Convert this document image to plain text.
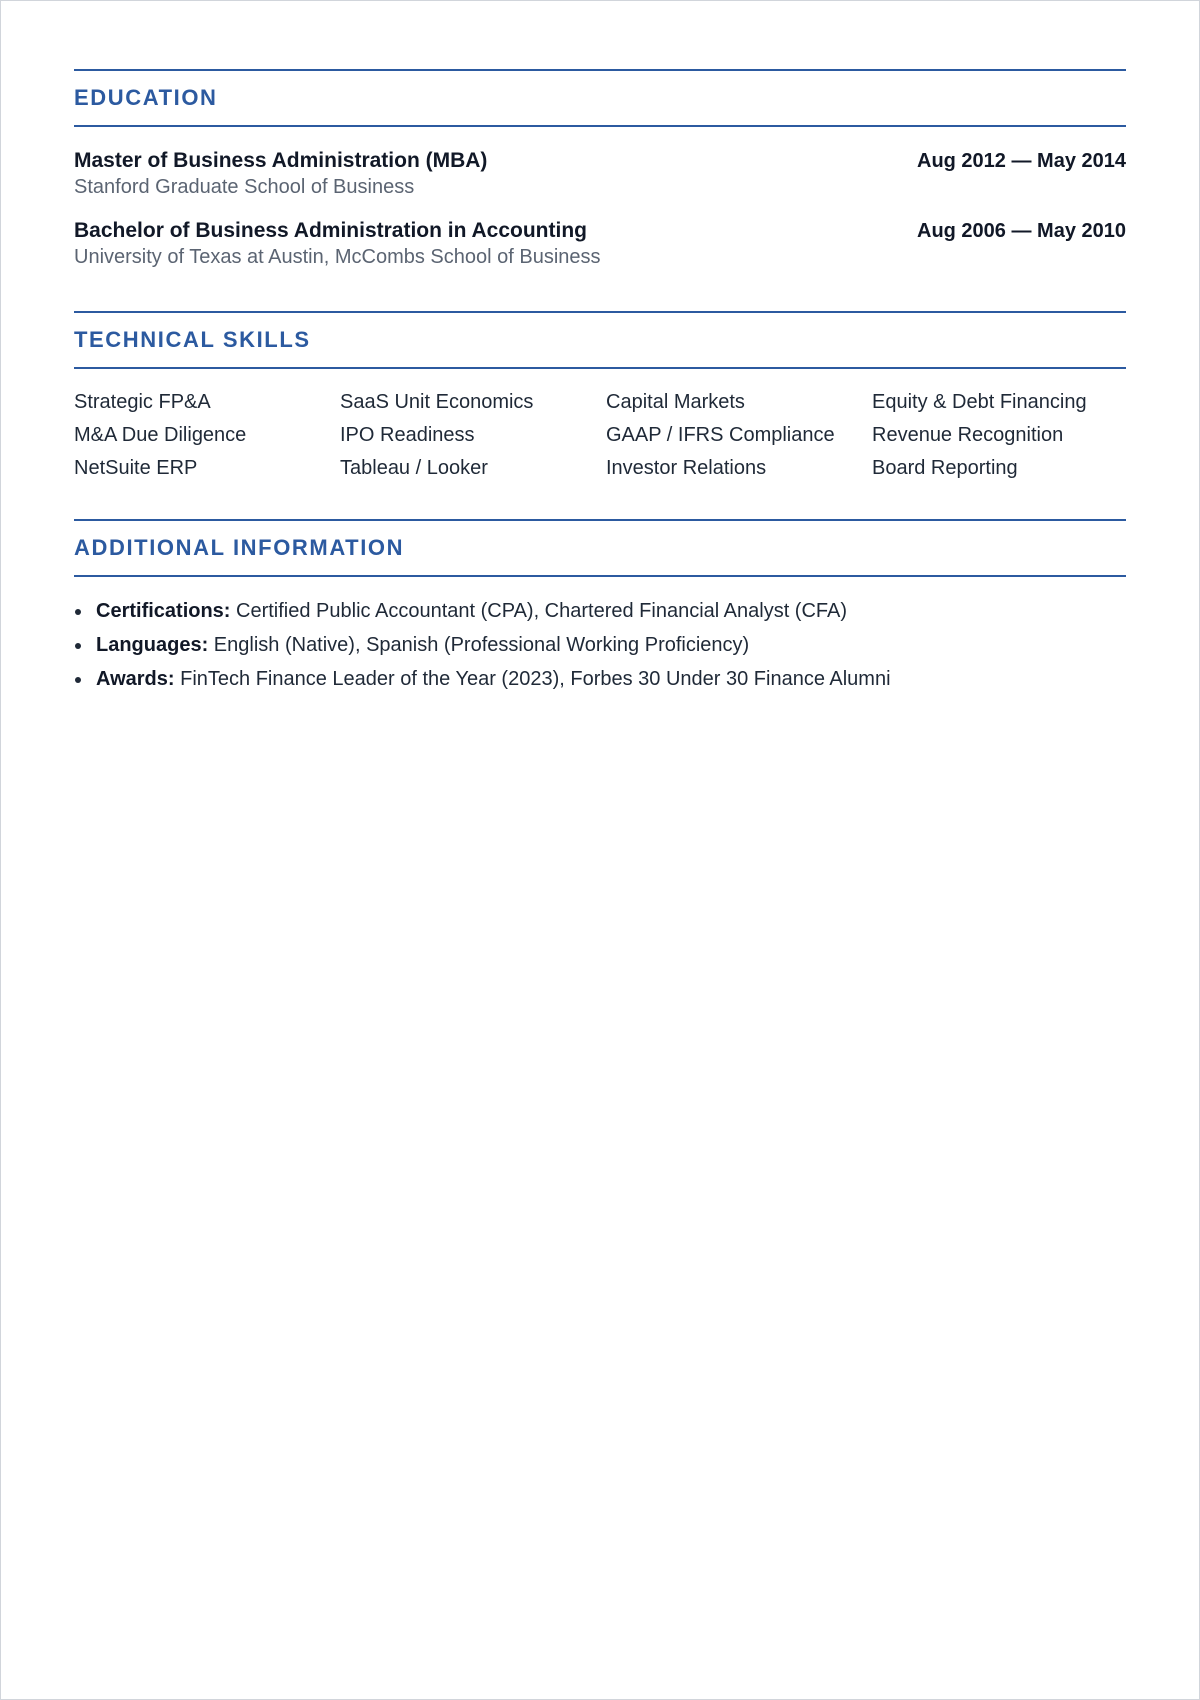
EDUCATION
Master of Business Administration (MBA)	Aug 2012 — May 2014
Stanford Graduate School of Business
Bachelor of Business Administration in Accounting	Aug 2006 — May 2010
University of Texas at Austin, McCombs School of Business
TECHNICAL SKILLS
Strategic FP&A	SaaS Unit Economics	Capital Markets	Equity & Debt Financing
M&A Due Diligence	IPO Readiness	GAAP / IFRS Compliance	Revenue Recognition
NetSuite ERP	Tableau / Looker	Investor Relations	Board Reporting
ADDITIONAL INFORMATION
Certifications: Certified Public Accountant (CPA), Chartered Financial Analyst (CFA)
Languages: English (Native), Spanish (Professional Working Proficiency)
Awards: FinTech Finance Leader of the Year (2023), Forbes 30 Under 30 Finance Alumni
